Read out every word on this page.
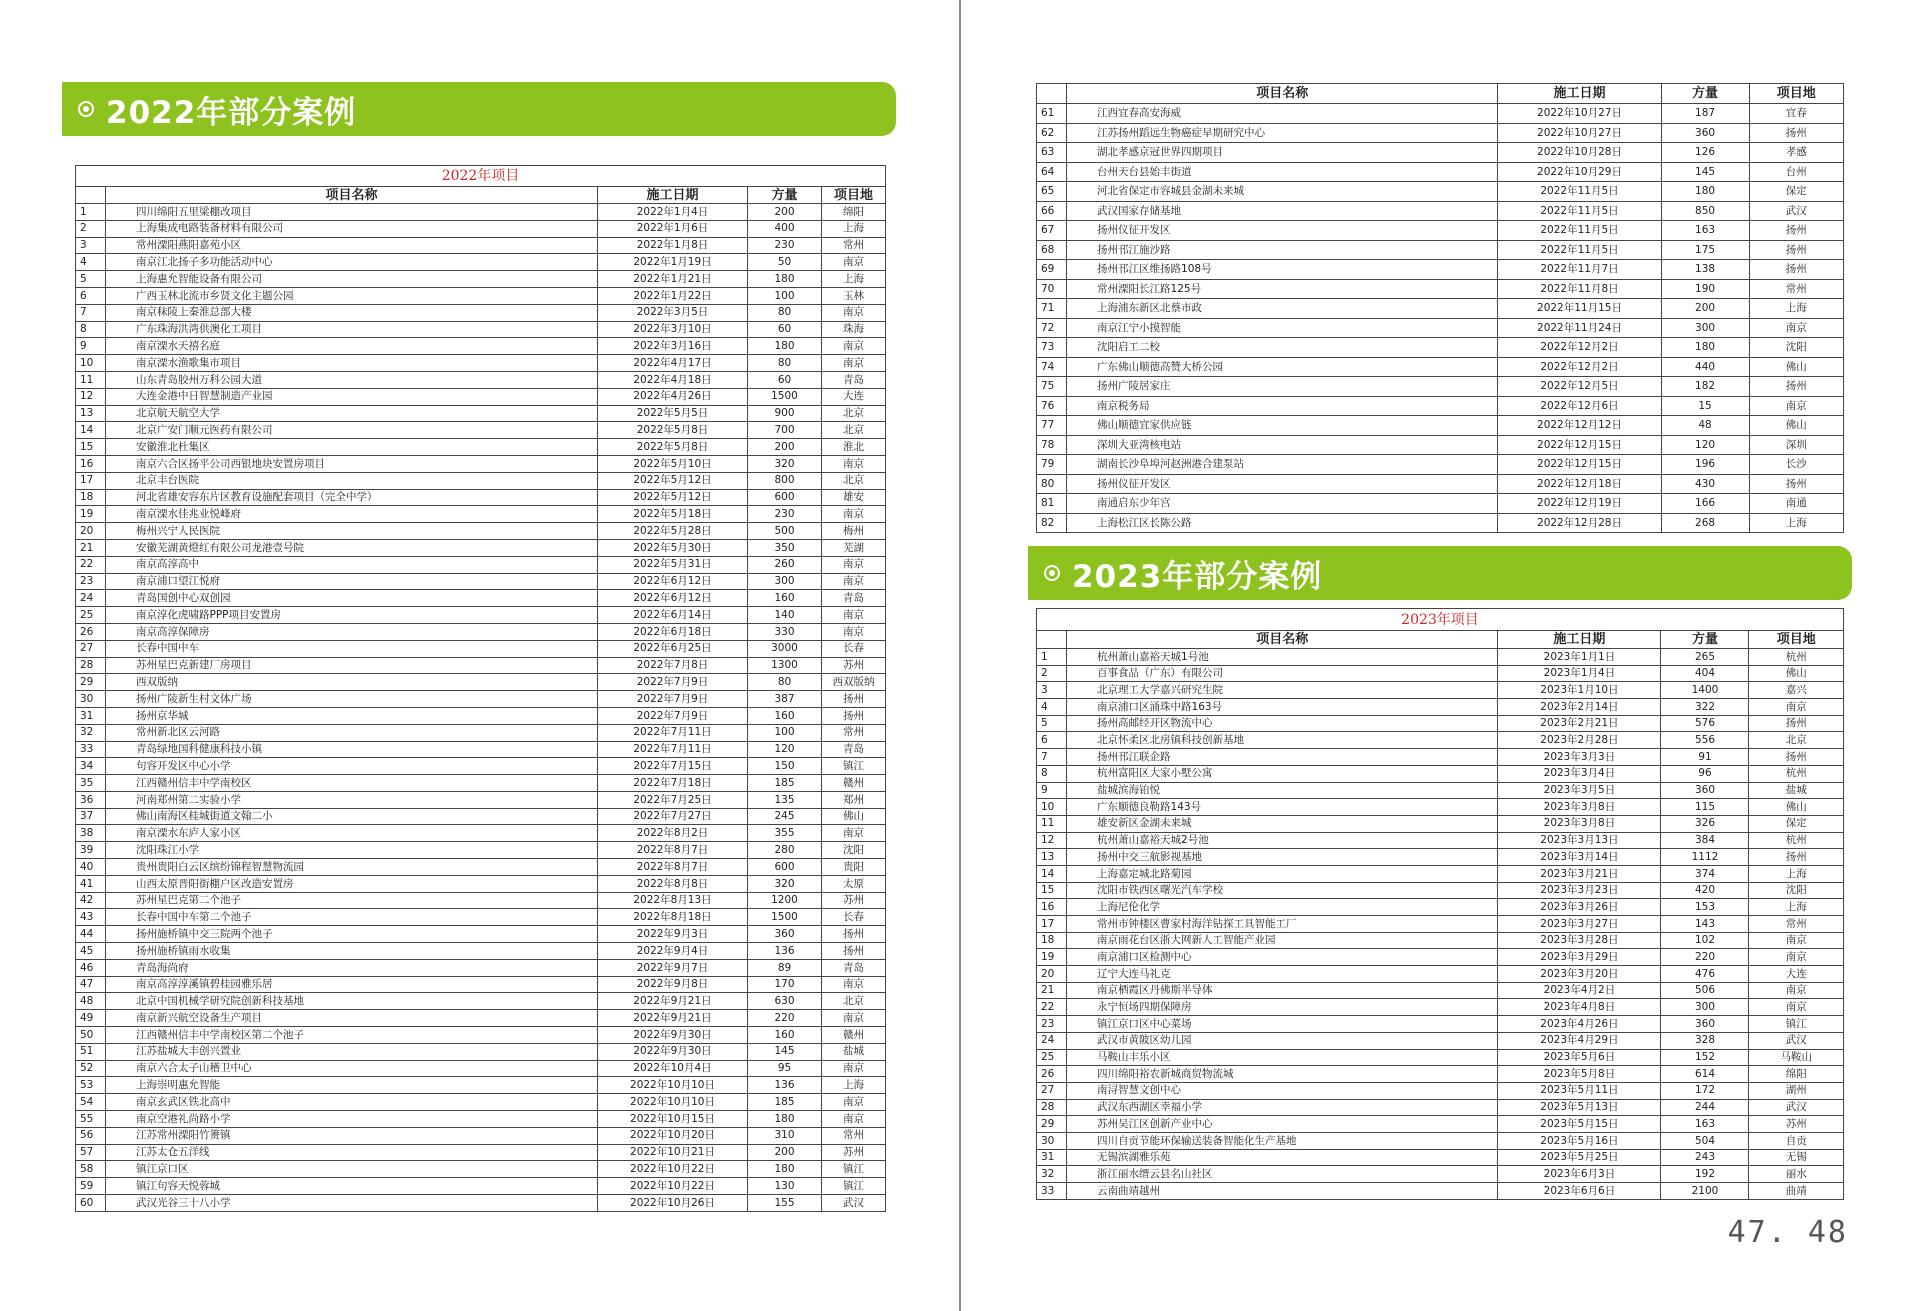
2022年部分案例
2022年项目				
	项目名称	施工日期	方量	项目地
1	四川绵阳五里梁棚改项目	2022年1月4日	200	绵阳
2	上海集成电路装备材料有限公司	2022年1月6日	400	上海
3	常州溧阳燕阳嘉苑小区	2022年1月8日	230	常州
4	南京江北扬子多功能活动中心	2022年1月19日	50	南京
5	上海惠允智能设备有限公司	2022年1月21日	180	上海
6	广西玉林北流市乡贤文化主题公园	2022年1月22日	100	玉林
7	南京秣陵上秦淮总部大楼	2022年3月5日	80	南京
8	广东珠海洪湾供澳化工项目	2022年3月10日	60	珠海
9	南京溧水天禧名庭	2022年3月16日	180	南京
10	南京溧水渔歌集市项目	2022年4月17日	80	南京
11	山东青岛胶州万科公园大道	2022年4月18日	60	青岛
12	大连金港中日智慧制造产业园	2022年4月26日	1500	大连
13	北京航天航空大学	2022年5月5日	900	北京
14	北京广安门顺元医药有限公司	2022年5月8日	700	北京
15	安徽淮北杜集区	2022年5月8日	200	淮北
16	南京六合区扬平公司西银地块安置房项目	2022年5月10日	320	南京
17	北京丰台医院	2022年5月12日	800	北京
18	河北省雄安容东片区教育设施配套项目（完全中学）	2022年5月12日	600	雄安
19	南京溧水佳兆业悦峰府	2022年5月18日	230	南京
20	梅州兴宁人民医院	2022年5月28日	500	梅州
21	安徽芜湖黄燈红有限公司龙港壹号院	2022年5月30日	350	芜湖
22	南京高淳高中	2022年5月31日	260	南京
23	南京浦口望江悦府	2022年6月12日	300	南京
24	青岛国创中心双创园	2022年6月12日	160	青岛
25	南京淳化虎啸路PPP项目安置房	2022年6月14日	140	南京
26	南京高淳保障房	2022年6月18日	330	南京
27	长春中国中车	2022年6月25日	3000	长春
28	苏州星巴克新建厂房项目	2022年7月8日	1300	苏州
29	西双版纳	2022年7月9日	80	西双版纳
30	扬州广陵新生村文体广场	2022年7月9日	387	扬州
31	扬州京华城	2022年7月9日	160	扬州
32	常州新北区云河路	2022年7月11日	100	常州
33	青岛绿地国科健康科技小镇	2022年7月11日	120	青岛
34	句容开发区中心小学	2022年7月15日	150	镇江
35	江西赣州信丰中学南校区	2022年7月18日	185	赣州
36	河南郑州第二实验小学	2022年7月25日	135	郑州
37	佛山南海区桂城街道文翰二小	2022年7月27日	245	佛山
38	南京溧水东庐人家小区	2022年8月2日	355	南京
39	沈阳珠江小学	2022年8月7日	280	沈阳
40	贵州贵阳白云区缤纷锦程智慧物流园	2022年8月7日	600	贵阳
41	山西太原晋阳街棚户区改造安置房	2022年8月8日	320	太原
42	苏州星巴克第二个池子	2022年8月13日	1200	苏州
43	长春中国中车第二个池子	2022年8月18日	1500	长春
44	扬州施桥镇中交三院两个池子	2022年9月3日	360	扬州
45	扬州施桥镇雨水收集	2022年9月4日	136	扬州
46	青岛海尚府	2022年9月7日	89	青岛
47	南京高淳淳溪镇碧桂园雅乐居	2022年9月8日	170	南京
48	北京中国机械学研究院创新科技基地	2022年9月21日	630	北京
49	南京新兴航空设备生产项目	2022年9月21日	220	南京
50	江西赣州信丰中学南校区第二个池子	2022年9月30日	160	赣州
51	江苏盐城大丰创兴置业	2022年9月30日	145	盐城
52	南京六合太子山稽卫中心	2022年10月4日	95	南京
53	上海崇明惠允智能	2022年10月10日	136	上海
54	南京玄武区铁北高中	2022年10月10日	185	南京
55	南京空港礼尚路小学	2022年10月15日	180	南京
56	江苏常州溧阳竹箦镇	2022年10月20日	310	常州
57	江苏太仓五洋线	2022年10月21日	200	苏州
58	镇江京口区	2022年10月22日	180	镇江
59	镇江句容天悦蓉城	2022年10月22日	130	镇江
60	武汉光谷三十八小学	2022年10月26日	155	武汉
	项目名称	施工日期	方量	项目地
61	江西宜春高安海威	2022年10月27日	187	宜春
62	江苏扬州蹈远生物癌症早期研究中心	2022年10月27日	360	扬州
63	湖北孝感京冠世界四期项目	2022年10月28日	126	孝感
64	台州天台县始丰街道	2022年10月29日	145	台州
65	河北省保定市容城县金湖未来城	2022年11月5日	180	保定
66	武汉国家存储基地	2022年11月5日	850	武汉
67	扬州仪征开发区	2022年11月5日	163	扬州
68	扬州邗江施沙路	2022年11月5日	175	扬州
69	扬州邗江区维扬路108号	2022年11月7日	138	扬州
70	常州溧阳长江路125号	2022年11月8日	190	常州
71	上海浦东新区北蔡市政	2022年11月15日	200	上海
72	南京江宁小摸智能	2022年11月24日	300	南京
73	沈阳启工二校	2022年12月2日	180	沈阳
74	广东佛山顺德高赞大桥公园	2022年12月2日	440	佛山
75	扬州广陵居家庄	2022年12月5日	182	扬州
76	南京税务局	2022年12月6日	15	南京
77	佛山顺德宜家供应链	2022年12月12日	48	佛山
78	深圳大亚湾核电站	2022年12月15日	120	深圳
79	湖南长沙阜埠河赵洲港合建泵站	2022年12月15日	196	长沙
80	扬州仪征开发区	2022年12月18日	430	扬州
81	南通启东少年宫	2022年12月19日	166	南通
82	上海松江区长陈公路	2022年12月28日	268	上海
2023年部分案例
2023年项目				
	项目名称	施工日期	方量	项目地
1	杭州萧山嘉裕天城1号池	2023年1月1日	265	杭州
2	百事食品（广东）有限公司	2023年1月4日	404	佛山
3	北京理工大学嘉兴研究生院	2023年1月10日	1400	嘉兴
4	南京浦口区涌珠中路163号	2023年2月14日	322	南京
5	扬州高邮经开区物流中心	2023年2月21日	576	扬州
6	北京怀柔区北房镇科技创新基地	2023年2月28日	556	北京
7	扬州邗江联企路	2023年3月3日	91	扬州
8	杭州富阳区大家小墅公寓	2023年3月4日	96	杭州
9	盐城滨海铂悦	2023年3月5日	360	盐城
10	广东顺德良勒路143号	2023年3月8日	115	佛山
11	雄安新区金湖未来城	2023年3月8日	326	保定
12	杭州萧山嘉裕天城2号池	2023年3月13日	384	杭州
13	扬州中交三航影视基地	2023年3月14日	1112	扬州
14	上海嘉定城北路菊园	2023年3月21日	374	上海
15	沈阳市铁西区曙光汽车学校	2023年3月23日	420	沈阳
16	上海尼伦化学	2023年3月26日	153	上海
17	常州市钟楼区曹家村海洋钻探工具智能工厂	2023年3月27日	143	常州
18	南京雨花台区浙大网新人工智能产业园	2023年3月28日	102	南京
19	南京浦口区检测中心	2023年3月29日	220	南京
20	辽宁大连马礼克	2023年3月20日	476	大连
21	南京栖霞区丹佛斯半导体	2023年4月2日	506	南京
22	永宁恒场四期保障房	2023年4月8日	300	南京
23	镇江京口区中心菜场	2023年4月26日	360	镇江
24	武汉市黄陂区幼儿园	2023年4月29日	328	武汉
25	马鞍山丰乐小区	2023年5月6日	152	马鞍山
26	四川绵阳裕农新城商贸物流城	2023年5月8日	614	绵阳
27	南浔智慧文创中心	2023年5月11日	172	湖州
28	武汉东西湖区幸福小学	2023年5月13日	244	武汉
29	苏州吴江区创新产业中心	2023年5月15日	163	苏州
30	四川自贡节能环保输送装备智能化生产基地	2023年5月16日	504	自贡
31	无锡滨湖雅乐苑	2023年5月25日	243	无锡
32	浙江丽水缙云县名山社区	2023年6月3日	192	丽水
33	云南曲靖越州	2023年6月6日	2100	曲靖
47. 48
